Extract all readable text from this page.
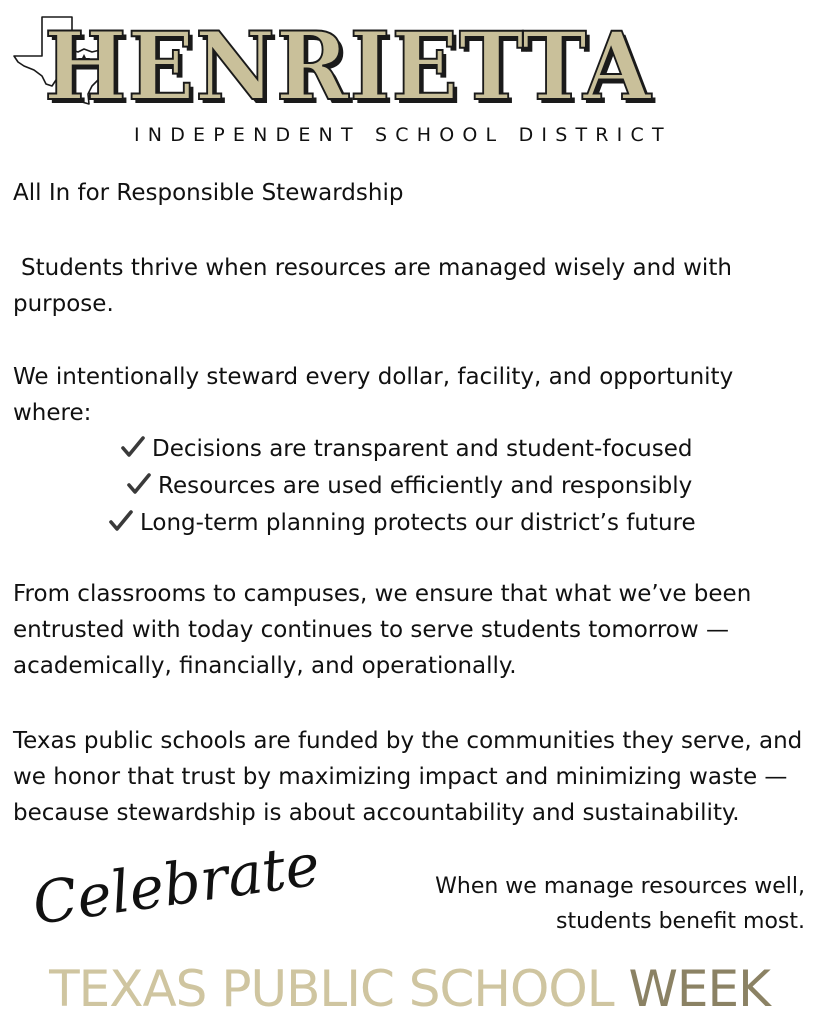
HENRIETTA
INDEPENDENT SCHOOL DISTRICT

All In for Responsible Stewardship

Students thrive when resources are managed wisely and with purpose.

We intentionally steward every dollar, facility, and opportunity where:

Decisions are transparent and student-focused
Resources are used efficiently and responsibly
Long-term planning protects our district’s future

From classrooms to campuses, we ensure that what we’ve been entrusted with today continues to serve students tomorrow — academically, financially, and operationally.

Texas public schools are funded by the communities they serve, and we honor that trust by maximizing impact and minimizing waste — because stewardship is about accountability and sustainability.

Celebrate	When we manage resources well,
students benefit most.
TEXAS PUBLIC SCHOOL WEEK
